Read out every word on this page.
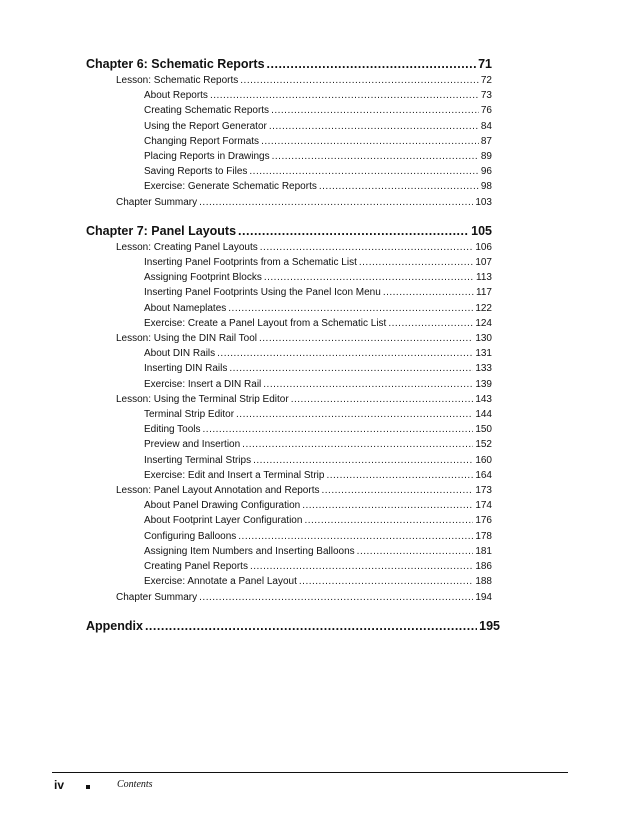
Chapter 6: Schematic Reports .....	71
Lesson: Schematic Reports .....	72
About Reports .....	73
Creating Schematic Reports .....	76
Using the Report Generator .....	84
Changing Report Formats .....	87
Placing Reports in Drawings .....	89
Saving Reports to Files .....	96
Exercise: Generate Schematic Reports .....	98
Chapter Summary .....	103
Chapter 7: Panel Layouts .....	105
Lesson: Creating Panel Layouts .....	106
Inserting Panel Footprints from a Schematic List .....	107
Assigning Footprint Blocks .....	113
Inserting Panel Footprints Using the Panel Icon Menu .....	117
About Nameplates .....	122
Exercise: Create a Panel Layout from a Schematic List .....	124
Lesson: Using the DIN Rail Tool .....	130
About DIN Rails .....	131
Inserting DIN Rails .....	133
Exercise: Insert a DIN Rail .....	139
Lesson: Using the Terminal Strip Editor .....	143
Terminal Strip Editor .....	144
Editing Tools .....	150
Preview and Insertion .....	152
Inserting Terminal Strips .....	160
Exercise: Edit and Insert a Terminal Strip .....	164
Lesson: Panel Layout Annotation and Reports .....	173
About Panel Drawing Configuration .....	174
About Footprint Layer Configuration .....	176
Configuring Balloons .....	178
Assigning Item Numbers and Inserting Balloons .....	181
Creating Panel Reports .....	186
Exercise: Annotate a Panel Layout .....	188
Chapter Summary .....	194
Appendix .....	195
iv	Contents
